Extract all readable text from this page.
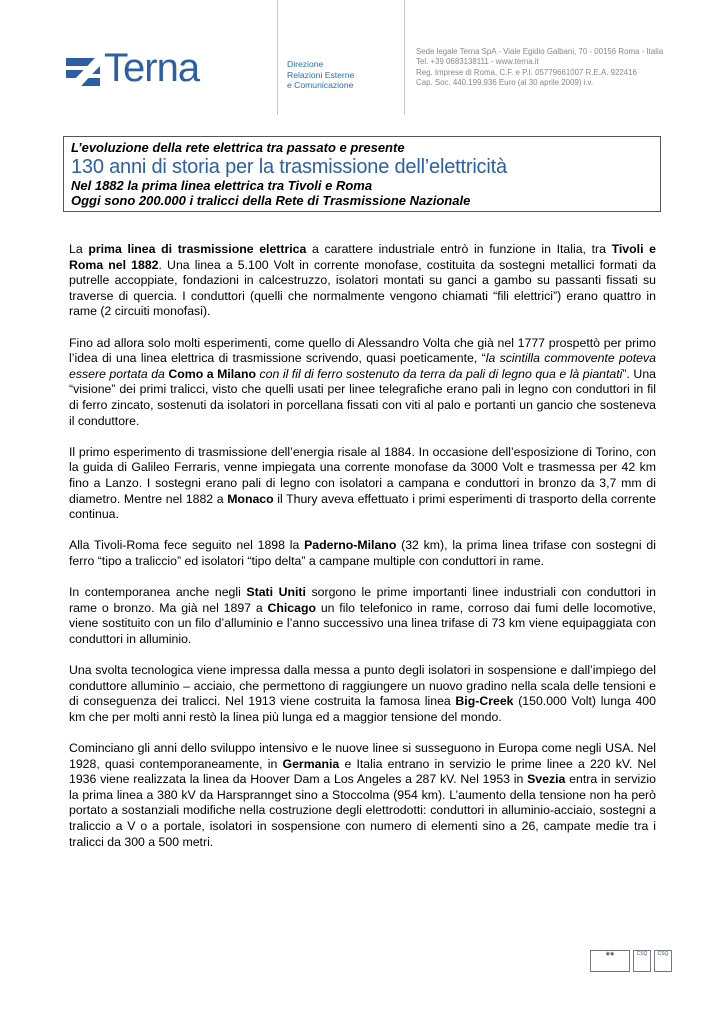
Terna	Direzione
Relazioni Esterne
e Comunicazione
Sede legale Terna SpA - Viale Egidio Galbani, 70 - 00156 Roma - Italia
Tel. +39 0683138111 - www.terna.it
Reg. Imprese di Roma, C.F. e P.I. 05779661007 R.E.A. 922416
Cap. Soc. 440.199.936 Euro (al 30 aprile 2009) i.v.
L’evoluzione della rete elettrica tra passato e presente
130 anni di storia per la trasmissione dell’elettricità
Nel 1882 la prima linea elettrica tra Tivoli e Roma
Oggi sono 200.000 i tralicci della Rete di Trasmissione Nazionale

La prima linea di trasmissione elettrica a carattere industriale entrò in funzione in Italia, tra Tivoli e Roma nel 1882. Una linea a 5.100 Volt in corrente monofase, costituita da sostegni metallici formati da putrelle accoppiate, fondazioni in calcestruzzo, isolatori montati su ganci a gambo su passanti fissati su traverse di quercia. I conduttori (quelli che normalmente vengono chiamati “fili elettrici”) erano quattro in rame (2 circuiti monofasi).

Fino ad allora solo molti esperimenti, come quello di Alessandro Volta che già nel 1777 prospettò per primo l’idea di una linea elettrica di trasmissione scrivendo, quasi poeticamente, “la scintilla commovente poteva essere portata da Como a Milano con il fil di ferro sostenuto da terra da pali di legno qua e là piantati”. Una “visione” dei primi tralicci, visto che quelli usati per linee telegrafiche erano pali in legno con conduttori in fil di ferro zincato, sostenuti da isolatori in porcellana fissati con viti al palo e portanti un gancio che sosteneva il conduttore.

Il primo esperimento di trasmissione dell’energia risale al 1884. In occasione dell’esposizione di Torino, con la guida di Galileo Ferraris, venne impiegata una corrente monofase da 3000 Volt e trasmessa per 42 km fino a Lanzo. I sostegni erano pali di legno con isolatori a campana e conduttori in bronzo da 3,7 mm di diametro. Mentre nel 1882 a Monaco il Thury aveva effettuato i primi esperimenti di trasporto della corrente continua.

Alla Tivoli-Roma fece seguito nel 1898 la Paderno-Milano (32 km), la prima linea trifase con sostegni di ferro “tipo a traliccio” ed isolatori “tipo delta” a campane multiple con conduttori in rame.

In contemporanea anche negli Stati Uniti sorgono le prime importanti linee industriali con conduttori in rame o bronzo. Ma già nel 1897 a Chicago un filo telefonico in rame, corroso dai fumi delle locomotive, viene sostituito con un filo d’alluminio e l’anno successivo una linea trifase di 73 km viene equipaggiata con conduttori in alluminio.

Una svolta tecnologica viene impressa dalla messa a punto degli isolatori in sospensione e dall’impiego del conduttore alluminio – acciaio, che permettono di raggiungere un nuovo gradino nella scala delle tensioni e di conseguenza dei tralicci. Nel 1913 viene costruita la famosa linea Big-Creek (150.000 Volt) lunga 400 km che per molti anni restò la linea più lunga ed a maggior tensione del mondo.

Cominciano gli anni dello sviluppo intensivo e le nuove linee si susseguono in Europa come negli USA. Nel 1928, quasi contemporaneamente, in Germania e Italia entrano in servizio le prime linee a 220 kV. Nel 1936 viene realizzata la linea da Hoover Dam a Los Angeles a 287 kV. Nel 1953 in Svezia entra in servizio la prima linea a 380 kV da Harsprannget sino a Stoccolma (954 km). L’aumento della tensione non ha però portato a sostanziali modifiche nella costruzione degli elettrodotti: conduttori in alluminio-acciaio, sostegni a traliccio a V o a portale, isolatori in sospensione con numero di elementi sino a 26, campate medie tra i tralicci da 300 a 500 metri.

◉◉	CSQ	CSQ
